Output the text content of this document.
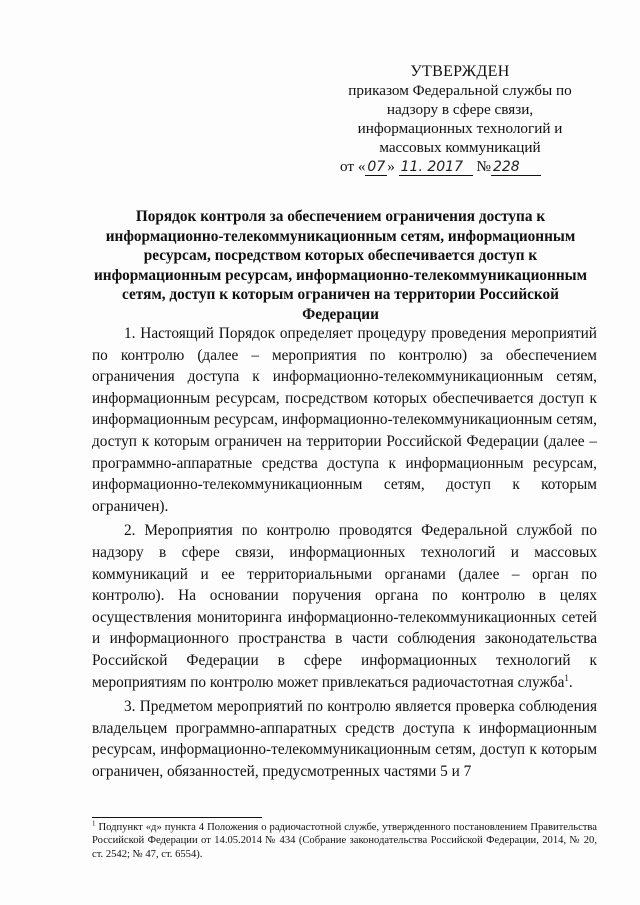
УТВЕРЖДЕН
приказом Федеральной службы по
надзору в сфере связи,
информационных технологий и
массовых коммуникаций
от « 07 » 11. 2017 № 228
Порядок контроля за обеспечением ограничения доступа к информационно-телекоммуникационным сетям, информационным ресурсам, посредством которых обеспечивается доступ к информационным ресурсам, информационно-телекоммуникационным сетям, доступ к которым ограничен на территории Российской Федерации

1. Настоящий Порядок определяет процедуру проведения мероприятий по контролю (далее – мероприятия по контролю) за обеспечением ограничения доступа к информационно-телекоммуникационным сетям, информационным ресурсам, посредством которых обеспечивается доступ к информационным ресурсам, информационно-телекоммуникационным сетям, доступ к которым ограничен на территории Российской Федерации (далее – программно-аппаратные средства доступа к информационным ресурсам, информационно-телекоммуникационным сетям, доступ к которым ограничен).

2. Мероприятия по контролю проводятся Федеральной службой по надзору в сфере связи, информационных технологий и массовых коммуникаций и ее территориальными органами (далее – орган по контролю). На основании поручения органа по контролю в целях осуществления мониторинга информационно-телекоммуникационных сетей и информационного пространства в части соблюдения законодательства Российской Федерации в сфере информационных технологий к мероприятиям по контролю может привлекаться радиочастотная служба$^1$.

3. Предметом мероприятий по контролю является проверка соблюдения владельцем программно-аппаратных средств доступа к информационным ресурсам, информационно-телекоммуникационным сетям, доступ к которым ограничен, обязанностей, предусмотренных частями 5 и 7

$^1$ Подпункт «д» пункта 4 Положения о радиочастотной службе, утвержденного постановлением Правительства Российской Федерации от 14.05.2014 № 434 (Собрание законодательства Российской Федерации, 2014, № 20, ст. 2542; № 47, ст. 6554).
